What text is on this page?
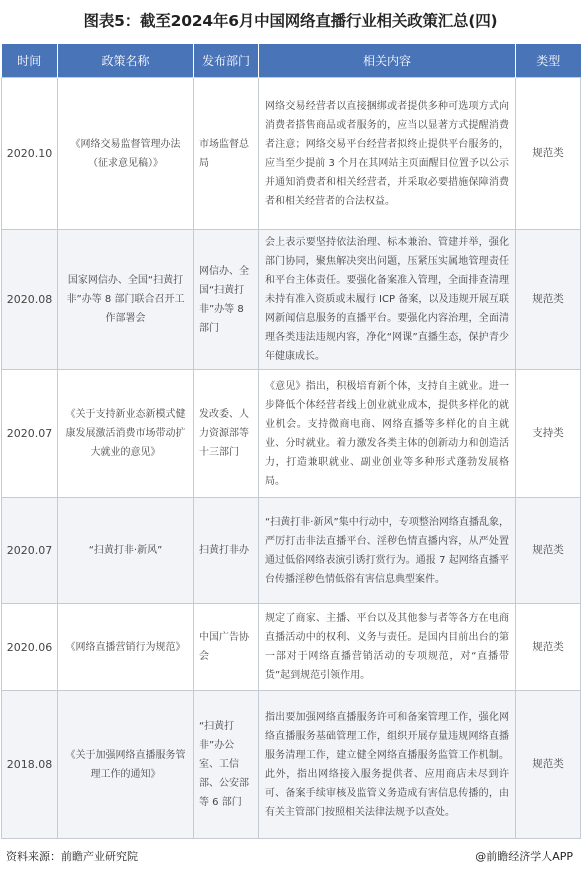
图表5：截至2024年6月中国网络直播行业相关政策汇总(四)
时间	政策名称	发布部门	相关内容	类型
2020.10	《网络交易监督管理办法（征求意见稿）》	市场监督总局	网络交易经营者以直接捆绑或者提供多种可选项方式向消费者搭售商品或者服务的，应当以显著方式提醒消费者注意；网络交易平台经营者拟终止提供平台服务的，应当至少提前 3 个月在其网站主页面醒目位置予以公示并通知消费者和相关经营者，并采取必要措施保障消费者和相关经营者的合法权益。	规范类
2020.08	国家网信办、全国“扫黄打非”办等 8 部门联合召开工作部署会	网信办、全国“扫黄打非”办等 8 部门	会上表示要坚持依法治理、标本兼治、管建并举，强化部门协同，聚焦解决突出问题，压紧压实属地管理责任和平台主体责任。要强化备案准入管理，全面排查清理未持有准入资质或未履行 ICP 备案，以及违规开展互联网新闻信息服务的直播平台。要强化内容治理，全面清理各类违法违规内容，净化“网课”直播生态，保护青少年健康成长。	规范类
2020.07	《关于支持新业态新模式健康发展激活消费市场带动扩大就业的意见》	发改委、人力资源部等十三部门	《意见》指出，积极培育新个体，支持自主就业。进一步降低个体经营者线上创业就业成本，提供多样化的就业机会。支持微商电商、网络直播等多样化的自主就业、分时就业。着力激发各类主体的创新动力和创造活力，打造兼职就业、副业创业等多种形式蓬勃发展格局。	支持类
2020.07	“扫黄打非·新风”	扫黄打非办	“扫黄打非·新风”集中行动中，专项整治网络直播乱象，严厉打击非法直播平台、淫秽色情直播内容，从严处置通过低俗网络表演引诱打赏行为。通报 7 起网络直播平台传播淫秽色情低俗有害信息典型案件。	规范类
2020.06	《网络直播营销行为规范》	中国广告协会	规定了商家、主播、平台以及其他参与者等各方在电商直播活动中的权利、义务与责任。是国内目前出台的第一部对于网络直播营销活动的专项规范，对“直播带货”起到规范引领作用。	规范类
2018.08	《关于加强网络直播服务管理工作的通知》	“扫黄打非”办公室、工信部、公安部等 6 部门	指出要加强网络直播服务许可和备案管理工作，强化网络直播服务基础管理工作，组织开展存量违规网络直播服务清理工作，建立健全网络直播服务监管工作机制。此外，指出网络接入服务提供者、应用商店未尽到许可、备案手续审核及监管义务造成有害信息传播的，由有关主管部门按照相关法律法规予以查处。	规范类
资料来源：前瞻产业研究院	@前瞻经济学人APP
